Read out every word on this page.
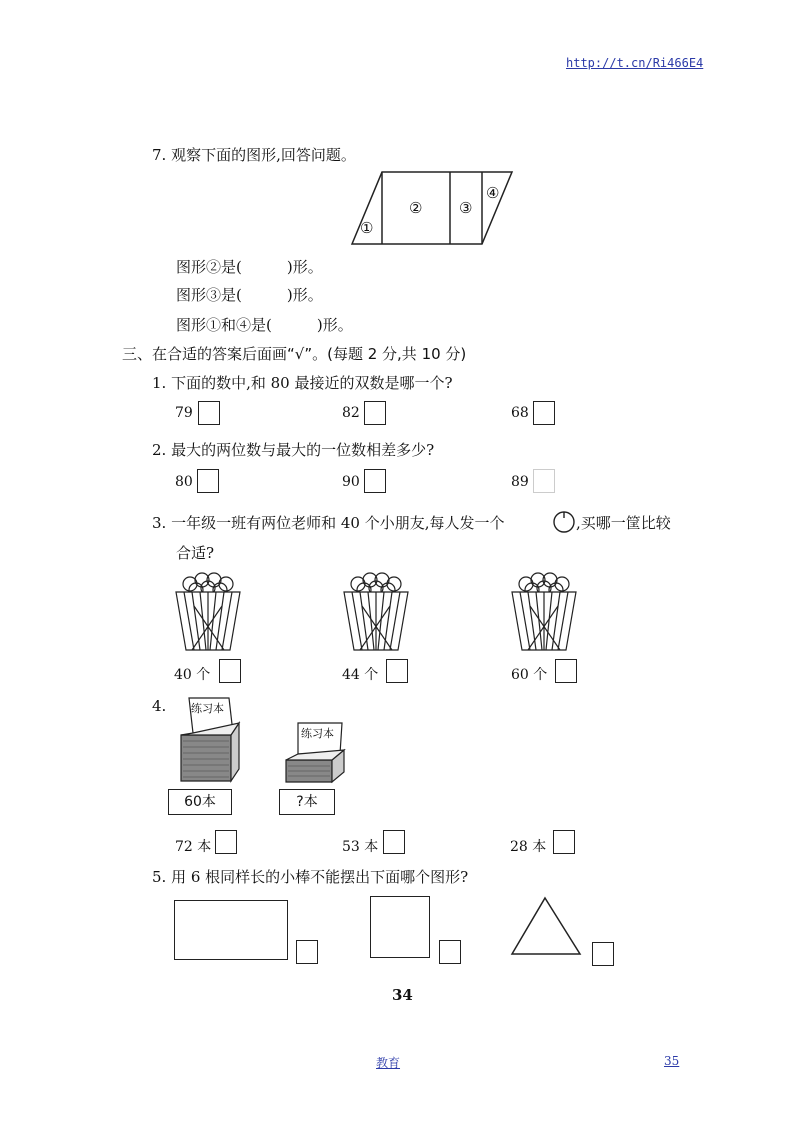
http://t.cn/Ri466E4
7. 观察下面的图形,回答问题。
①
② ③
④
图形②是(　　　)形。
图形③是(　　　)形。
图形①和④是(　　　)形。
三、在合适的答案后面画“√”。(每题 2 分,共 10 分)
1. 下面的数中,和 80 最接近的双数是哪一个?
79	82	68
2. 最大的两位数与最大的一位数相差多少?
80	90	89
3. 一年级一班有两位老师和 40 个小朋友,每人发一个	,买哪一筐比较
合适?
40 个	44 个	60 个
4. 练习本
练习本
60本	?本
72 本	53 本	28 本
5. 用 6 根同样长的小棒不能摆出下面哪个图形?
34
教育	35
